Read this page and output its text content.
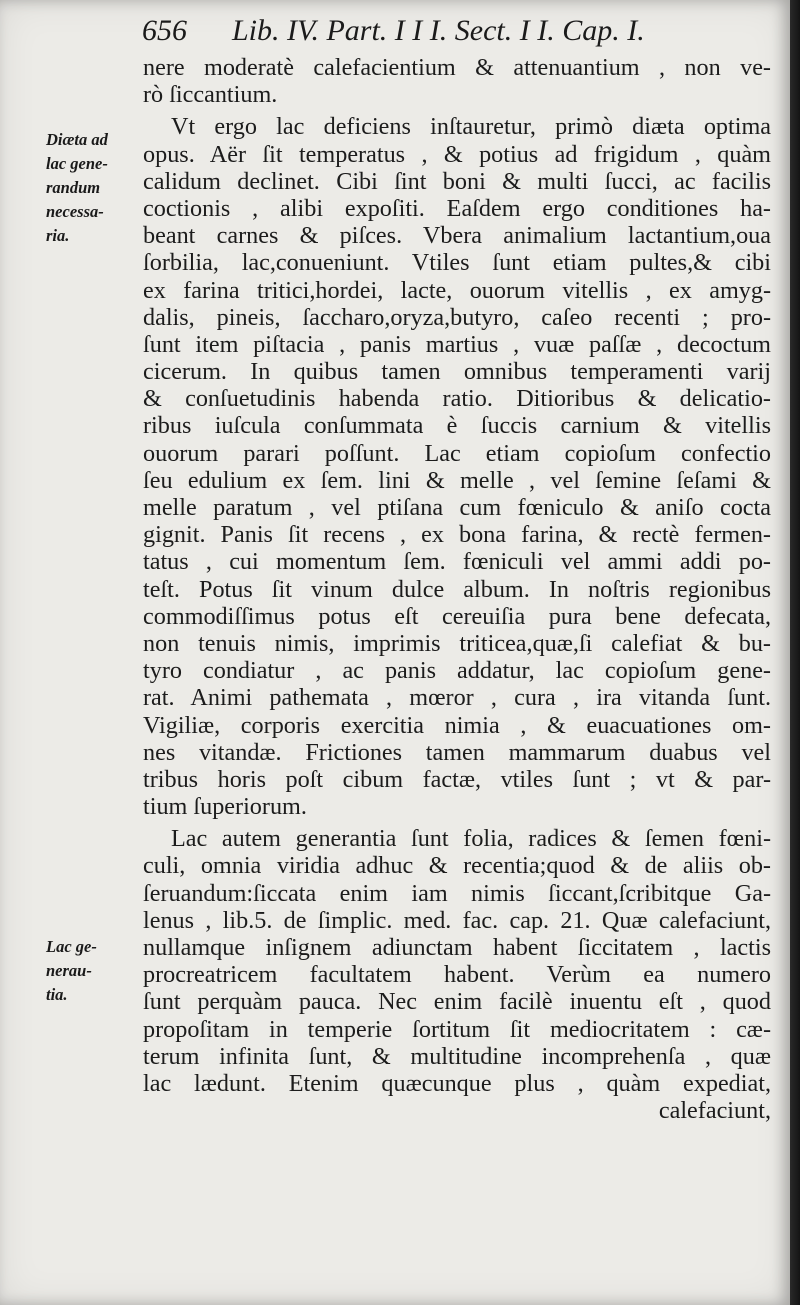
656 Lib. IV. Part. I I I. Sect. I I. Cap. I.
Diæta ad
lac gene-
randum
necessa-
ria.
Lac ge-
nerau-
tia.
nere moderatè calefacientium & attenuantium , non ve-
rò ſiccantium.
Vt ergo lac deficiens inſtauretur, primò diæta optima
opus. Aër ſit temperatus , & potius ad frigidum , quàm
calidum declinet. Cibi ſint boni & multi ſucci, ac facilis
coctionis , alibi expoſiti. Eaſdem ergo conditiones ha-
beant carnes & piſces. Vbera animalium lactantium,oua
ſorbilia, lac,conueniunt. Vtiles ſunt etiam pultes,& cibi
ex farina tritici,hordei, lacte, ouorum vitellis , ex amyg-
dalis, pineis, ſaccharo,oryza,butyro, caſeo recenti ; pro-
ſunt item piſtacia , panis martius , vuæ paſſæ , decoctum
cicerum. In quibus tamen omnibus temperamenti varij
& conſuetudinis habenda ratio. Ditioribus & delicatio-
ribus iuſcula conſummata è ſuccis carnium & vitellis
ouorum parari poſſunt. Lac etiam copioſum confectio
ſeu edulium ex ſem. lini & melle , vel ſemine ſeſami &
melle paratum , vel ptiſana cum fœniculo & aniſo cocta
gignit. Panis ſit recens , ex bona farina, & rectè fermen-
tatus , cui momentum ſem. fœniculi vel ammi addi po-
teſt. Potus ſit vinum dulce album. In noſtris regionibus
commodiſſimus potus eſt cereuiſia pura bene defecata,
non tenuis nimis, imprimis triticea,quæ,ſi calefiat & bu-
tyro condiatur , ac panis addatur, lac copioſum gene-
rat. Animi pathemata , mœror , cura , ira vitanda ſunt.
Vigiliæ, corporis exercitia nimia , & euacuationes om-
nes vitandæ. Frictiones tamen mammarum duabus vel
tribus horis poſt cibum factæ, vtiles ſunt ; vt & par-
tium ſuperiorum.
Lac autem generantia ſunt folia, radices & ſemen fœni-
culi, omnia viridia adhuc & recentia;quod & de aliis ob-
ſeruandum:ſiccata enim iam nimis ſiccant,ſcribitque Ga-
lenus , lib.5. de ſimplic. med. fac. cap. 21. Quæ calefaciunt,
nullamque inſignem adiunctam habent ſiccitatem , lactis
procreatricem facultatem habent. Verùm ea numero
ſunt perquàm pauca. Nec enim facilè inuentu eſt , quod
propoſitam in temperie ſortitum ſit mediocritatem : cæ-
terum infinita ſunt, & multitudine incomprehenſa , quæ
lac lædunt. Etenim quæcunque plus , quàm expediat,
calefaciunt,
